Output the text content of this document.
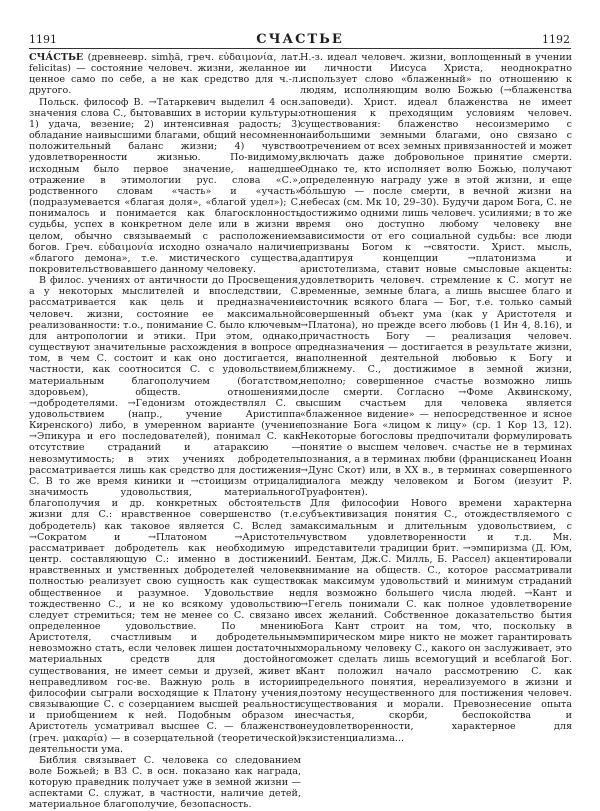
1191	СЧАСТЬЕ	1192

СЧА́СТЬЕ (древнеевр. simḥā, греч. εὐδαιμονία, лат. felicitas) — состояние человеч. жизни, желанное и ценное само по себе, а не как средство для ч.-л. другого.

Польск. философ В. →Татаркевич выделил 4 осн. значения слова С., бытовавших в истории культуры: 1) удача, везение; 2) интенсивная радость; 3) обладание наивысшими благами, общий несомненно положительный баланс жизни; 4) чувство удовлетворенности жизнью. По-видимому, исходным было первое значение, нашедшее отражение в этимологии рус. слова «С.», родственного словам «часть» и «участь» (подразумевается «благая доля», «благой удел»); С. понималось и понимается как благосклонность судьбы, успех в конкретном деле или в жизни в целом, обычно связываемый с расположением богов. Греч. εὐδαιμονία исходно означало наличие «благого демона», т.е. мистического существа, покровительствовавшего данному человеку.

В филос. учениях от античности до Просвещения, а у некоторых мыслителей и впоследствии, С. рассматривается как цель и предназначение человеч. жизни, состояние ее максимальной реализованности: т.о., понимание С. было ключевым для антропологии и этики. При этом, однако, существуют значительные расхождения в вопросе о том, в чем С. состоит и как оно достигается, в частности, как соотносится С. с удовольствием, материальным благополучием (богатством, здоровьем), обществ. отношениями, →добродетелями. →Гедонизм отождествлял С. с удовольствием (напр., учение Аристиппа Киренского) либо, в умеренном варианте (учение →Эпикура и его последователей), понимал С. как отсутствие страданий и атараксию — невозмутимость; в этих учениях добродетель рассматривается лишь как средство для достижения С. В то же время киники и →стоицизм отрицали значимость удовольствия, материального благополучия и др. конкретных обстоятельств жизни для С.: нравственное совершенство (т.е. добродетель) как таковое является С. Вслед за →Сократом и →Платоном →Аристотель рассматривает добродетель как необходимую и центр. составляющую С.: именно в достижении нравственных и умственных добродетелей человек полностью реализует свою сущность как существо общественное и разумное. Удовольствие не тождественно С., и не ко всякому удовольствию следует стремиться; тем не менее со С. связано и определенное удовольствие. По мнению Аристотеля, счастливым и добродетельным невозможно стать, если человек лишен достаточных материальных средств для достойного существования, не имеет семьи и друзей, живет в неправедливом гос-ве. Важную роль в истории философии сыграли восходящие к Платону учения, связывающие С. с созерцанием высшей реальности и приобщением к ней. Подобным образом и Аристотель усматривал высшее С. — блаженство (греч. μακαρία) — в созерцательной (теоретической) деятельности ума.

Библия связывает С. человека со следованием воле Божьей; в ВЗ С. в осн. показано как награда, которую праведник получает уже в земной жизни — аспектами С. служат, в частности, наличие детей, материальное благополучие, безопасность.

Н.-з. идеал человеч. жизни, воплощенный в учении и личности Иисуса Христа, неоднократно использует слово «блаженный» по отношению к людям, исполняющим волю Божью (→блаженства заповеди). Христ. идеал блаженства не имеет отношения к преходящим условиям человеч. существования: блаженство несоизмеримо с наибольшими земными благами, оно связано с отречением от всех земных привязанностей и может включать даже добровольное принятие смерти. Однако те, кто исполняет волю Божью, получают определенную награду уже в этой жизни, и еще бо́льшую — после смерти, в вечной жизни на небесах (см. Мк 10, 29–30). Будучи даром Бога, С. не достижимо одними лишь человеч. усилиями; в то же время оно доступно любому человеку вне зависимости от его социальной судьбы: все люди призваны Богом к →святости. Христ. мысль, адаптируя концепции →платонизма и аристотелизма, ставит новые смысловые акценты: удовлетворить человеч. стремление к С. могут не временные, земные блага, а лишь высшее благо и источник всякого блага — Бог, т.е. только самый совершенный объект ума (как у Аристотеля и →Платона), но прежде всего любовь (1 Ин 4, 8.16), и причастность Богу — реализация человеч. предназначения — достигается в результате жизни, наполненной деятельной любовью к Богу и ближнему. С., достижимое в земной жизни, неполно; совершенное счастье возможно лишь после смерти. Согласно →Фоме Аквинскому, высшим счастьем для человека является «блаженное видение» — непосредственное и ясное познание Бога «лицом к лицу» (ср. 1 Кор 13, 12). Некоторые богословы предпочитали формулировать понятие о высшем человеч. счастье не в терминах познания, а в терминах любви (францисканец Иоанн →Дунс Скот) или, в XX в., в терминах совершенного диалога между человеком и Богом (иезуит Р. Труафонтен).

Для философии Нового времени характерна субъективизация понятия С., отождествляемого с максимальным и длительным удовольствием, с чувством удовлетворенности и т.д. Мн. представители традиции брит. →эмпиризма (Д. Юм, И. Бентам, Дж.С. Милль, Б. Рассел) акцентировали внимание на обществ. С., которое рассматривали как максимум удовольствий и минимум страданий для возможно большего числа людей. →Кант и →Гегель понимали С. как полное удовлетворение всех желаний. Собственное доказательство бытия Бога Кант строит на том, что, поскольку в эмпирическом мире никто не может гарантировать моральному человеку С., какого он заслуживает, это может сделать лишь всемогущий и всеблагой Бог. Кант положил начало рассмотрению С. как предельного понятия, нереализуемого в жизни и поэтому несущественного для постижения человеч. существования и морали. Превознесение опыта несчастья, скорби, беспокойства и неудовлетворенности, характерное для экзистенциализма...
